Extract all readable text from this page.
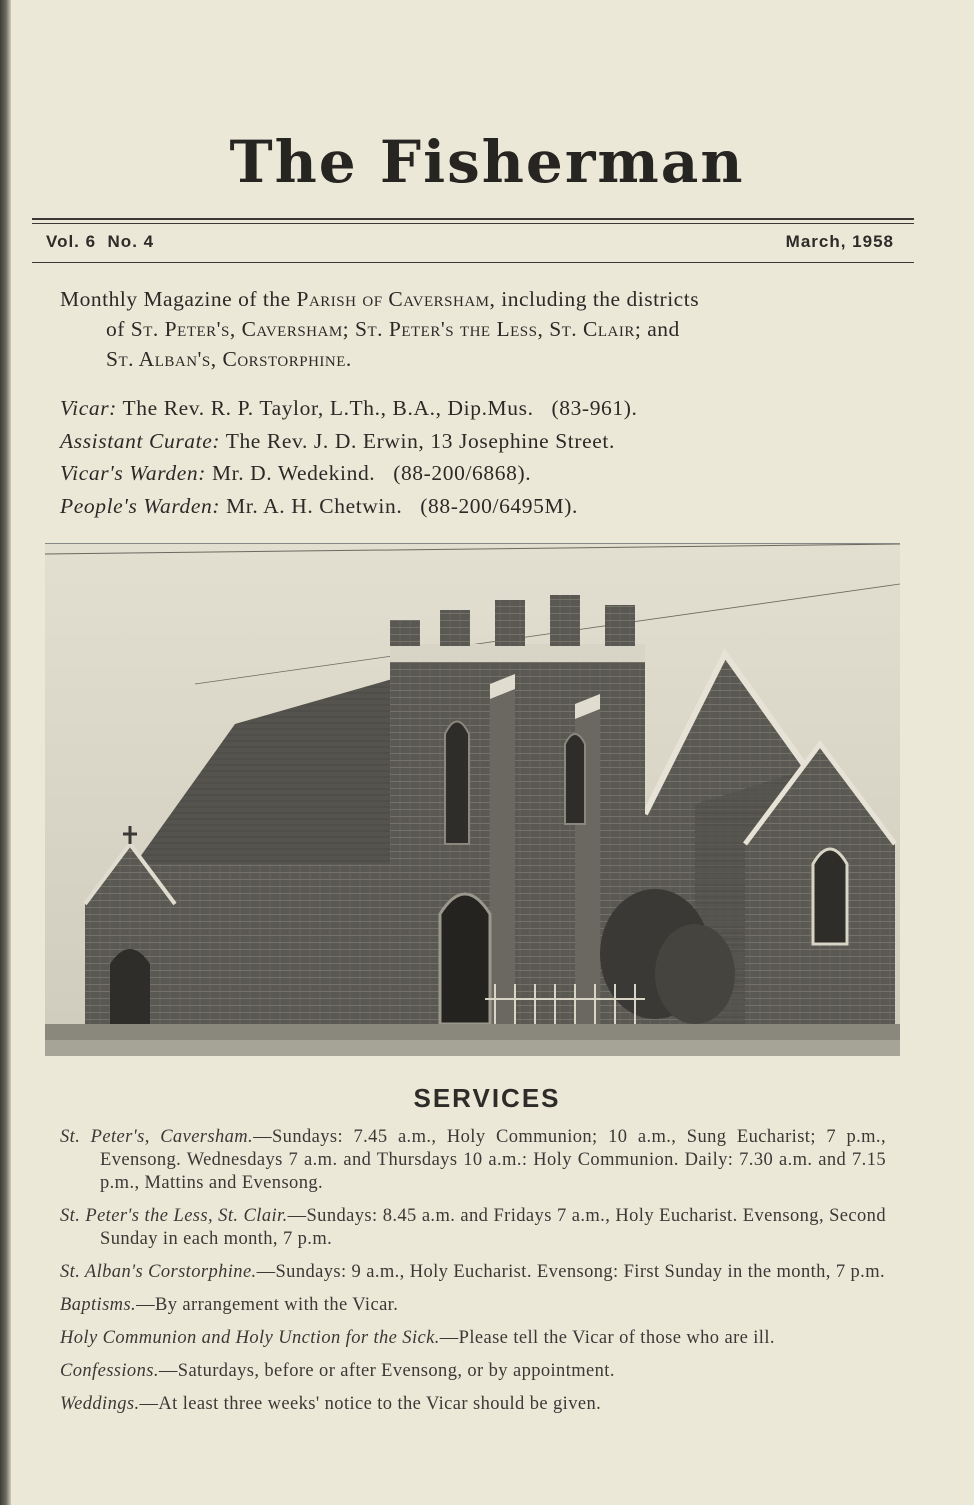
The Fisherman
Vol. 6  No. 4	March, 1958
Monthly Magazine of the Parish of Caversham, including the districts
of St. Peter's, Caversham; St. Peter's the Less, St. Clair; and
St. Alban's, Corstorphine.
Vicar: The Rev. R. P. Taylor, L.Th., B.A., Dip.Mus.   (83-961).
Assistant Curate: The Rev. J. D. Erwin, 13 Josephine Street.
Vicar's Warden: Mr. D. Wedekind.   (88-200/6868).
People's Warden: Mr. A. H. Chetwin.   (88-200/6495M).
SERVICES

St. Peter's, Caversham.—Sundays: 7.45 a.m., Holy Communion; 10 a.m., Sung Eucharist; 7 p.m., Evensong. Wednesdays 7 a.m. and Thursdays 10 a.m.: Holy Communion. Daily: 7.30 a.m. and 7.15 p.m., Mattins and Evensong.

St. Peter's the Less, St. Clair.—Sundays: 8.45 a.m. and Fridays 7 a.m., Holy Eucharist. Evensong, Second Sunday in each month, 7 p.m.

St. Alban's Corstorphine.—Sundays: 9 a.m., Holy Eucharist. Evensong: First Sunday in the month, 7 p.m.

Baptisms.—By arrangement with the Vicar.

Holy Communion and Holy Unction for the Sick.—Please tell the Vicar of those who are ill.

Confessions.—Saturdays, before or after Evensong, or by appointment.

Weddings.—At least three weeks' notice to the Vicar should be given.
